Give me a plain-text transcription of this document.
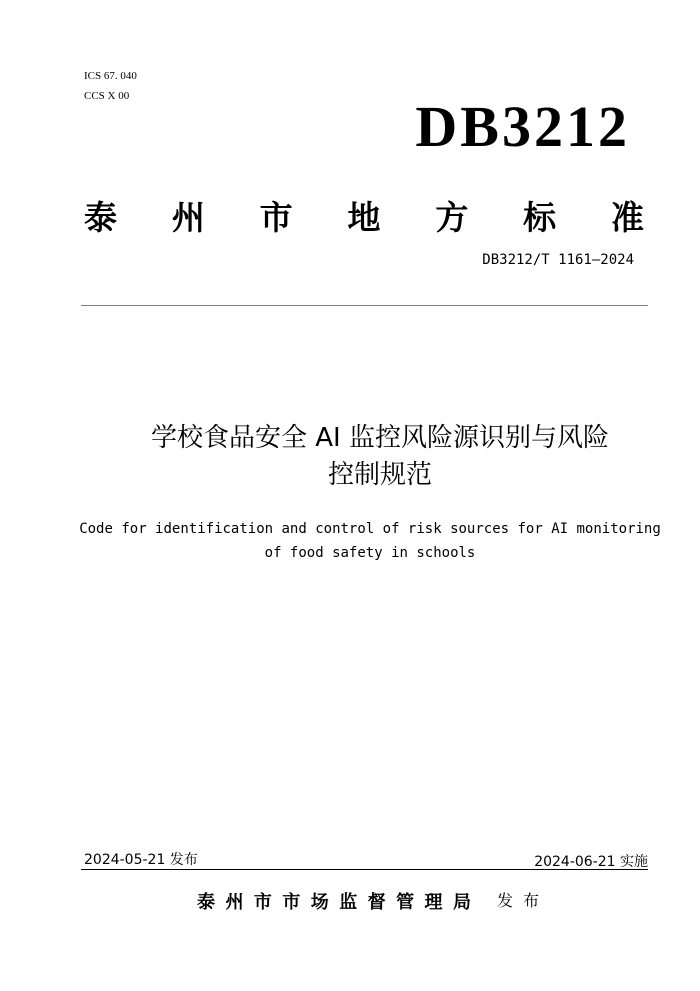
ICS 67. 040
CCS X 00	DB3212
泰 州 市 地 方 标 准
DB3212/T 1161—2024
学校食品安全 AI 监控风险源识别与风险
控制规范
Code for identification and control of risk sources for AI monitoring
of food safety in schools
2024-05-21 发布	2024-06-21 实施
泰 州 市 市 场 监 督 管 理 局 发 布
